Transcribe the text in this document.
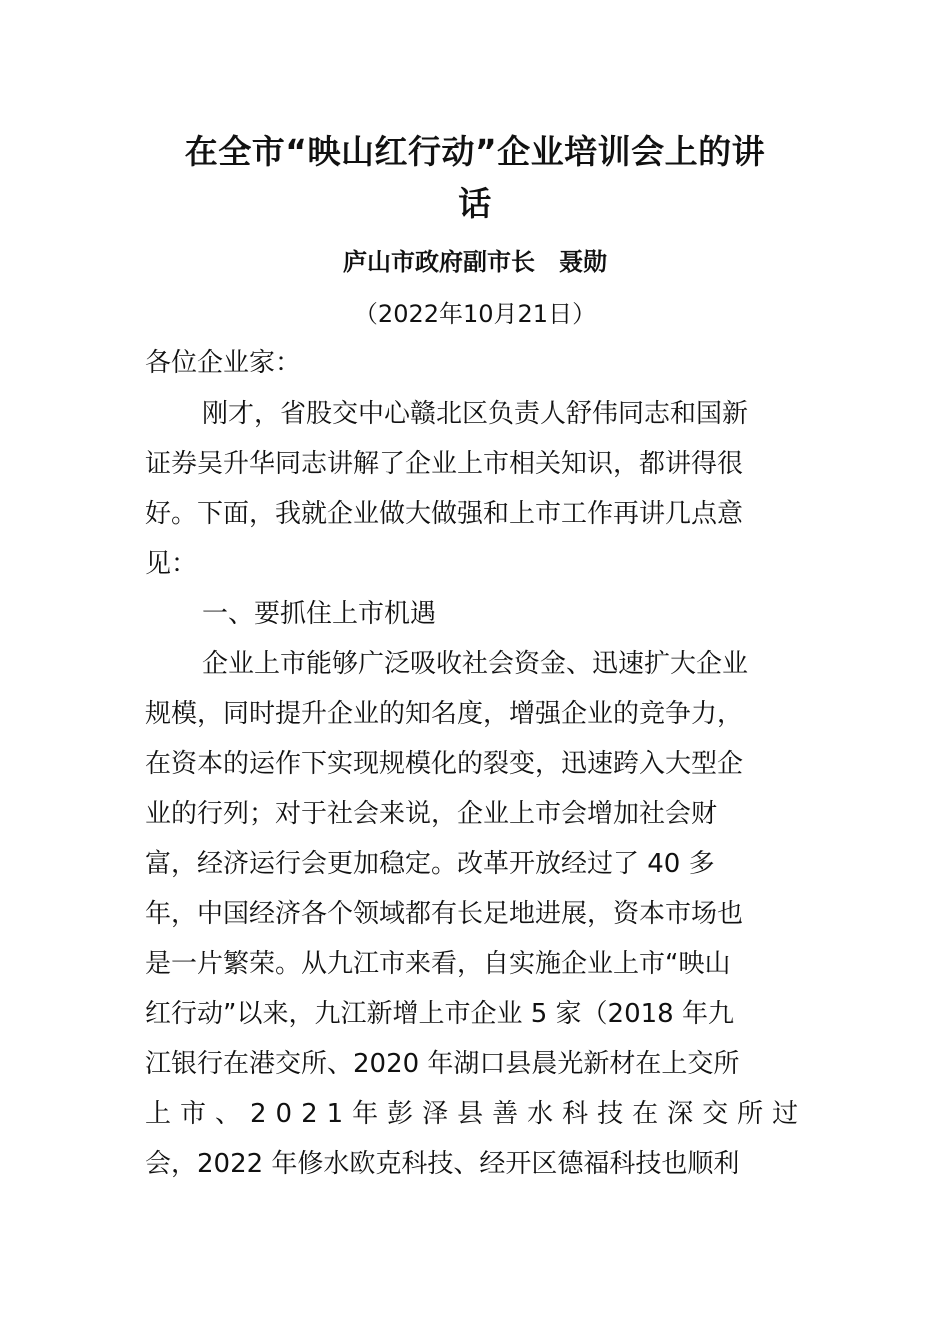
在全市“映山红行动”企业培训会上的讲
话
庐山市政府副市长　聂勋
（2022年10月21日）
各位企业家：
刚才，省股交中心赣北区负责人舒伟同志和国新
证券吴升华同志讲解了企业上市相关知识，都讲得很
好。下面，我就企业做大做强和上市工作再讲几点意
见：
一、要抓住上市机遇
企业上市能够广泛吸收社会资金、迅速扩大企业
规模，同时提升企业的知名度，增强企业的竞争力，
在资本的运作下实现规模化的裂变，迅速跨入大型企
业的行列；对于社会来说，企业上市会增加社会财
富，经济运行会更加稳定。改革开放经过了 40 多
年，中国经济各个领域都有长足地进展，资本市场也
是一片繁荣。从九江市来看，自实施企业上市“映山
红行动”以来，九江新增上市企业 5 家（2018 年九
江银行在港交所、2020 年湖口县晨光新材在上交所
上市、2021年彭泽县善水科技在深交所过
会，2022 年修水欧克科技、经开区德福科技也顺利
